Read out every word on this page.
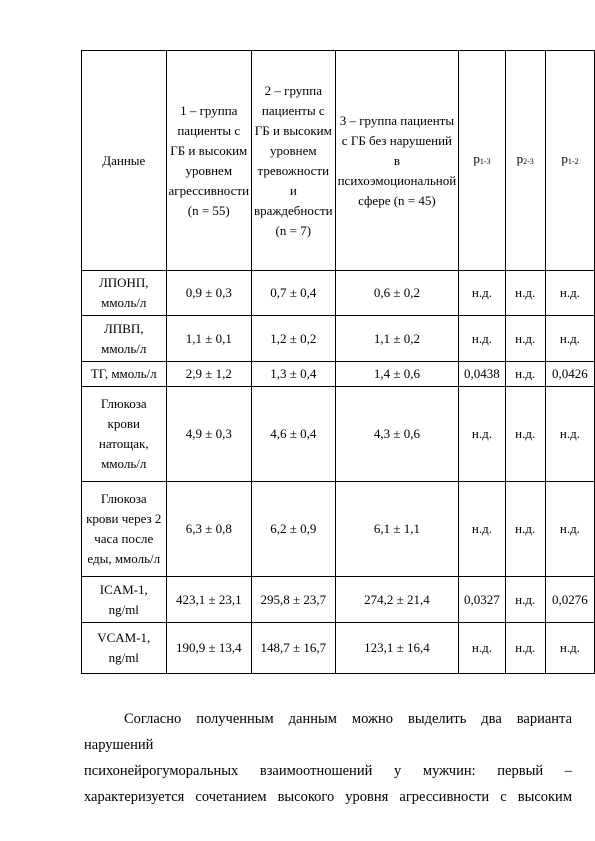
Данные	1 – группа пациенты с ГБ и высоким уровнем агрессивности (n = 55)	2 – группа пациенты с ГБ и высоким уровнем тревожности и враждебности (n = 7)	3 – группа пациенты с ГБ без нарушений в психоэмоциональной сфере (n = 45)	$p_{1-3}$	$p_{2-3}$	$p_{1-2}$
ЛПОНП, ммоль/л	0,9 ± 0,3	0,7 ± 0,4	0,6 ± 0,2	н.д.	н.д.	н.д.
ЛПВП, ммоль/л	1,1 ± 0,1	1,2 ± 0,2	1,1 ± 0,2	н.д.	н.д.	н.д.
ТГ, ммоль/л	2,9 ± 1,2	1,3 ± 0,4	1,4 ± 0,6	0,0438	н.д.	0,0426
Глюкоза крови натощак, ммоль/л	4,9 ± 0,3	4,6 ± 0,4	4,3 ± 0,6	н.д.	н.д.	н.д.
Глюкоза крови через 2 часа после еды, ммоль/л	6,3 ± 0,8	6,2 ± 0,9	6,1 ± 1,1	н.д.	н.д.	н.д.
ICAM-1, ng/ml	423,1 ± 23,1	295,8 ± 23,7	274,2 ± 21,4	0,0327	н.д.	0,0276
VCAM-1, ng/ml	190,9 ± 13,4	148,7 ± 16,7	123,1 ± 16,4	н.д.	н.д.	н.д.
Согласно полученным данным можно выделить два варианта нарушений
психонейрогуморальных взаимоотношений у мужчин: первый –
характеризуется сочетанием высокого уровня агрессивности с высоким
